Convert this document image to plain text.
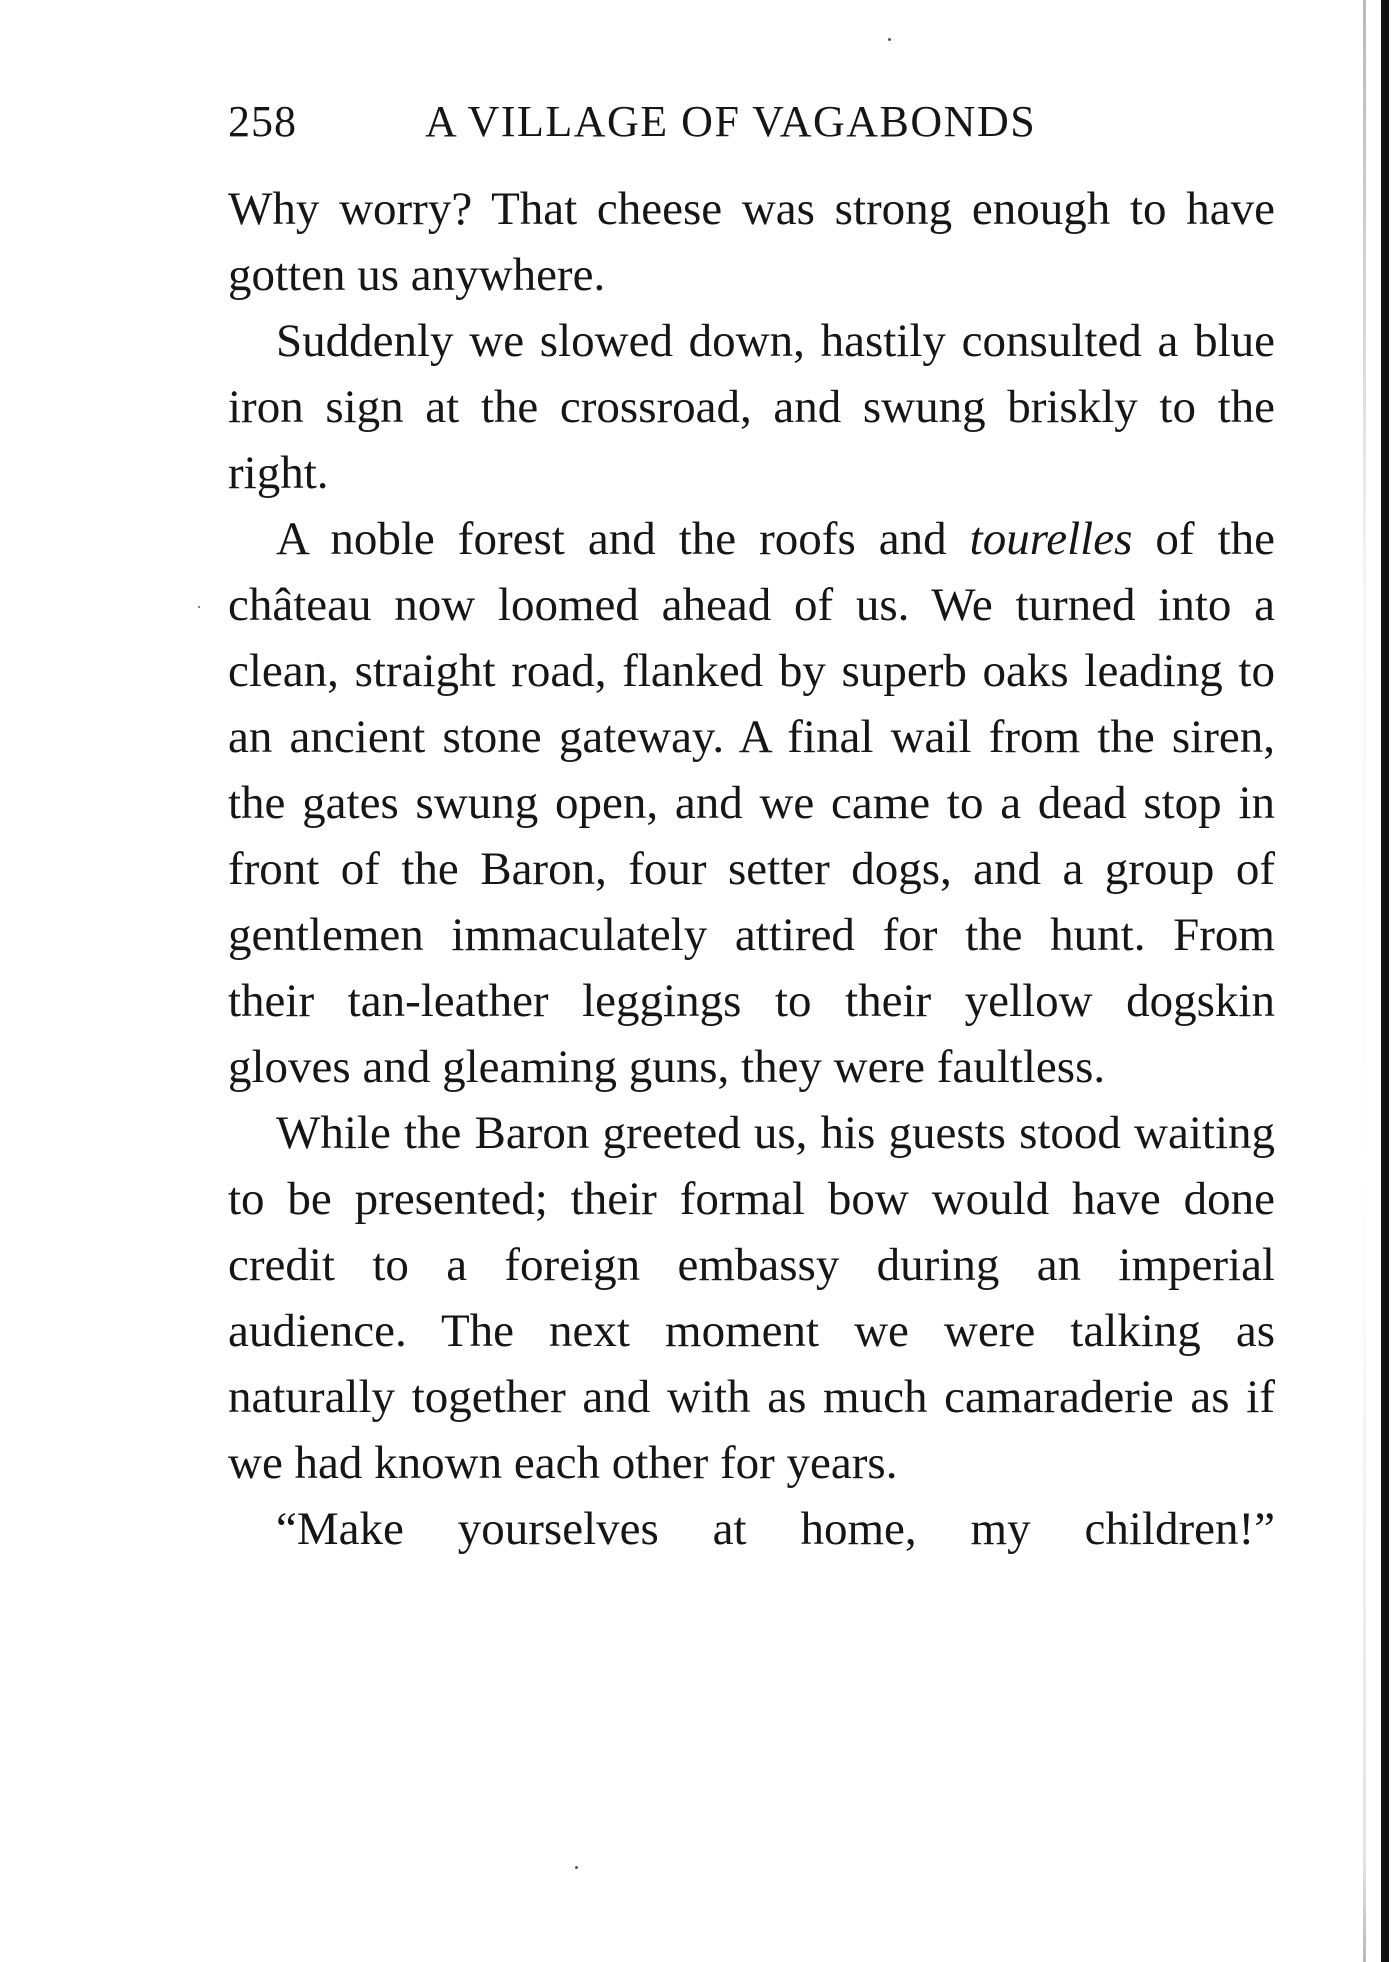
258	A VILLAGE OF VAGABONDS

Why worry? That cheese was strong enough to have gotten us anywhere.

Suddenly we slowed down, hastily consulted a blue iron sign at the crossroad, and swung briskly to the right.

A noble forest and the roofs and tourelles of the château now loomed ahead of us. We turned into a clean, straight road, flanked by superb oaks leading to an ancient stone gateway. A final wail from the siren, the gates swung open, and we came to a dead stop in front of the Baron, four setter dogs, and a group of gentlemen immaculately attired for the hunt. From their tan-leather leggings to their yellow dogskin gloves and gleaming guns, they were faultless.

While the Baron greeted us, his guests stood waiting to be presented; their formal bow would have done credit to a foreign embassy during an imperial audience. The next moment we were talking as naturally together and with as much camaraderie as if we had known each other for years.

“Make yourselves at home, my children!”
